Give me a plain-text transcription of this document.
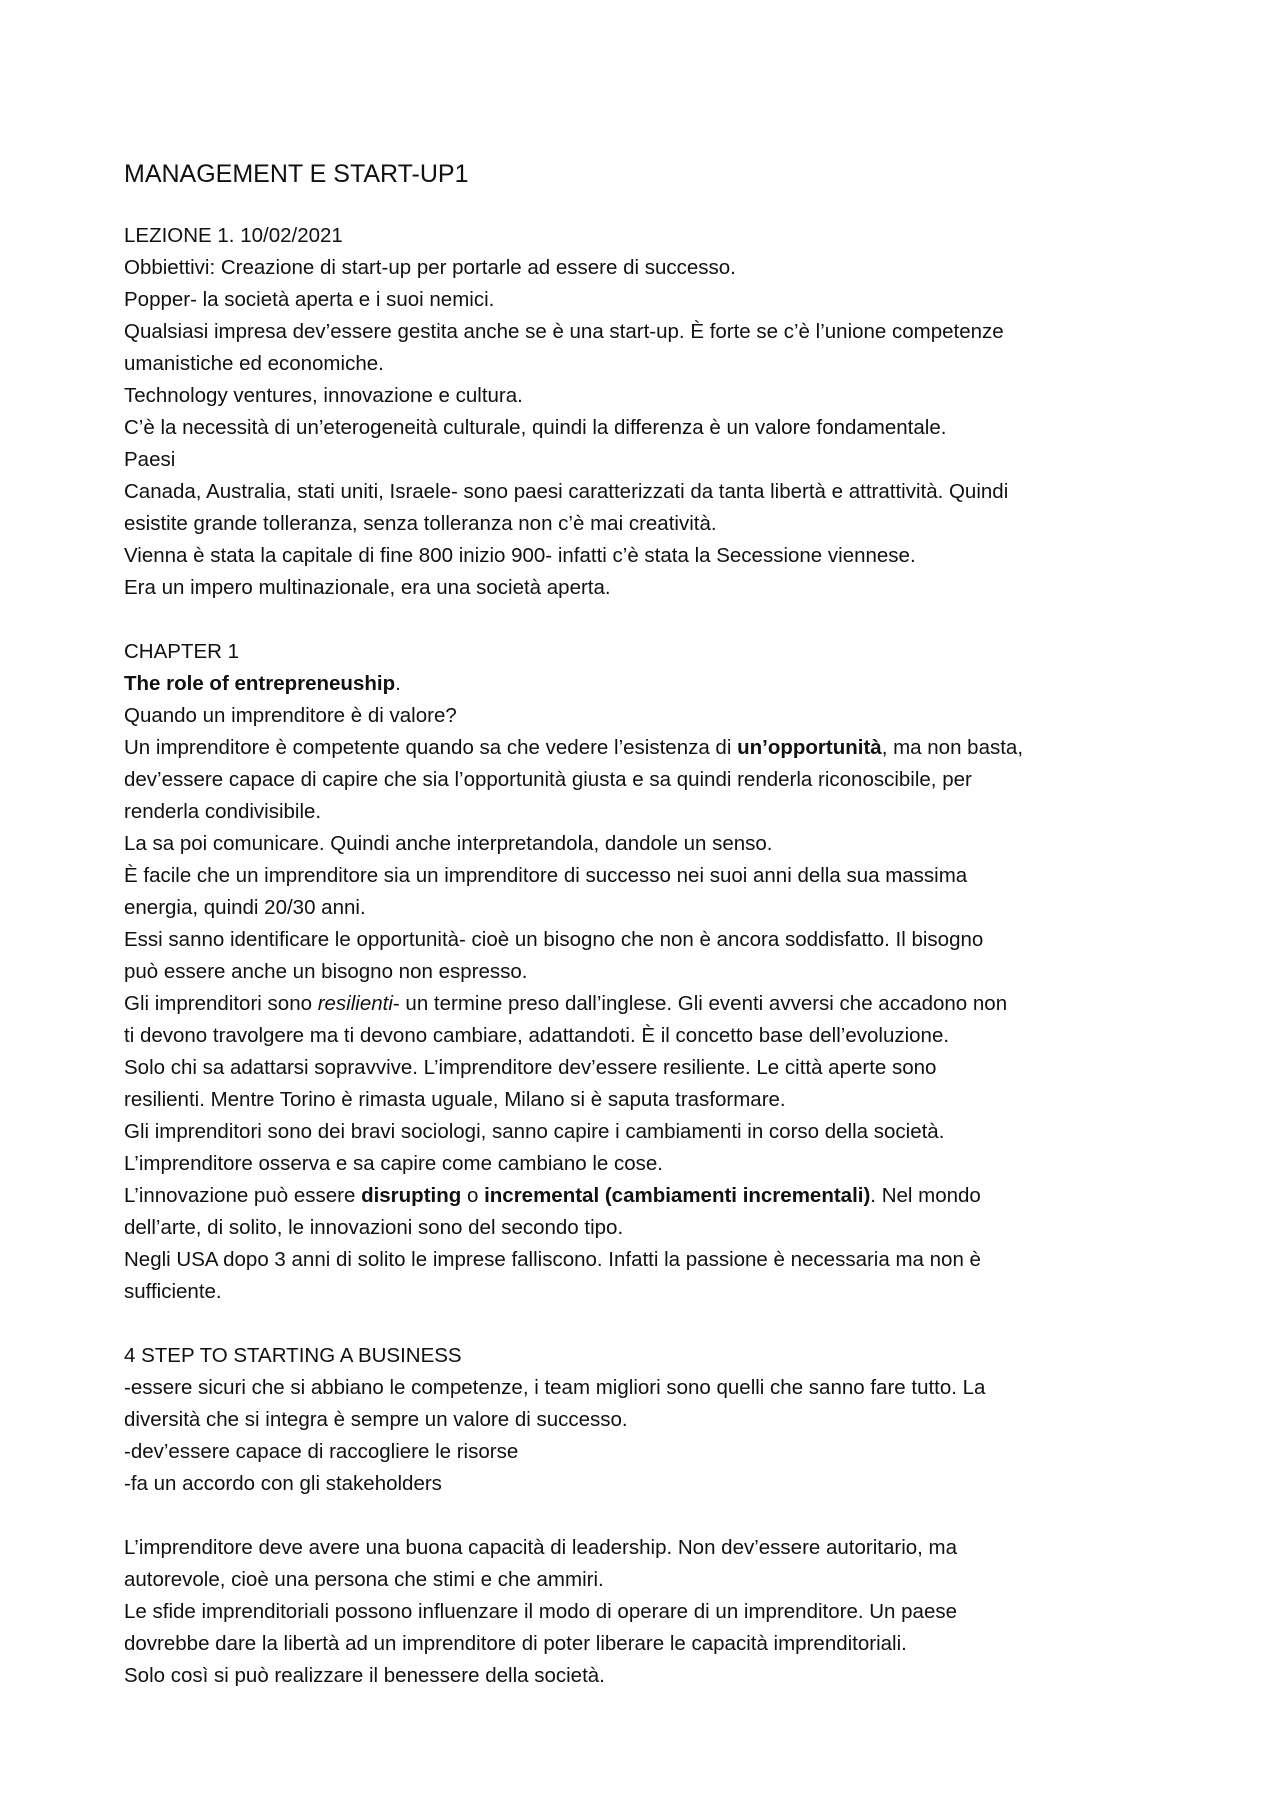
MANAGEMENT E START-UP1

LEZIONE 1. 10/02/2021

Obbiettivi: Creazione di start-up per portarle ad essere di successo.

Popper- la società aperta e i suoi nemici.

Qualsiasi impresa dev’essere gestita anche se è una start-up. È forte se c’è l’unione competenze

umanistiche ed economiche.

Technology ventures, innovazione e cultura.

C’è la necessità di un’eterogeneità culturale, quindi la differenza è un valore fondamentale.

Paesi

Canada, Australia, stati uniti, Israele- sono paesi caratterizzati da tanta libertà e attrattività. Quindi

esistite grande tolleranza, senza tolleranza non c’è mai creatività.

Vienna è stata la capitale di fine 800 inizio 900- infatti c’è stata la Secessione viennese.

Era un impero multinazionale, era una società aperta.

CHAPTER 1

The role of entrepreneuship.

Quando un imprenditore è di valore?

Un imprenditore è competente quando sa che vedere l’esistenza di un’opportunità, ma non basta,

dev’essere capace di capire che sia l’opportunità giusta e sa quindi renderla riconoscibile, per

renderla condivisibile.

La sa poi comunicare. Quindi anche interpretandola, dandole un senso.

È facile che un imprenditore sia un imprenditore di successo nei suoi anni della sua massima

energia, quindi 20/30 anni.

Essi sanno identificare le opportunità- cioè un bisogno che non è ancora soddisfatto. Il bisogno

può essere anche un bisogno non espresso.

Gli imprenditori sono resilienti- un termine preso dall’inglese. Gli eventi avversi che accadono non

ti devono travolgere ma ti devono cambiare, adattandoti. È il concetto base dell’evoluzione.

Solo chi sa adattarsi sopravvive. L’imprenditore dev’essere resiliente. Le città aperte sono

resilienti. Mentre Torino è rimasta uguale, Milano si è saputa trasformare.

Gli imprenditori sono dei bravi sociologi, sanno capire i cambiamenti in corso della società.

L’imprenditore osserva e sa capire come cambiano le cose.

L’innovazione può essere disrupting o incremental (cambiamenti incrementali). Nel mondo

dell’arte, di solito, le innovazioni sono del secondo tipo.

Negli USA dopo 3 anni di solito le imprese falliscono. Infatti la passione è necessaria ma non è

sufficiente.

4 STEP TO STARTING A BUSINESS

-essere sicuri che si abbiano le competenze, i team migliori sono quelli che sanno fare tutto. La

diversità che si integra è sempre un valore di successo.

-dev’essere capace di raccogliere le risorse

-fa un accordo con gli stakeholders

L’imprenditore deve avere una buona capacità di leadership. Non dev’essere autoritario, ma

autorevole, cioè una persona che stimi e che ammiri.

Le sfide imprenditoriali possono influenzare il modo di operare di un imprenditore. Un paese

dovrebbe dare la libertà ad un imprenditore di poter liberare le capacità imprenditoriali.

Solo così si può realizzare il benessere della società.
